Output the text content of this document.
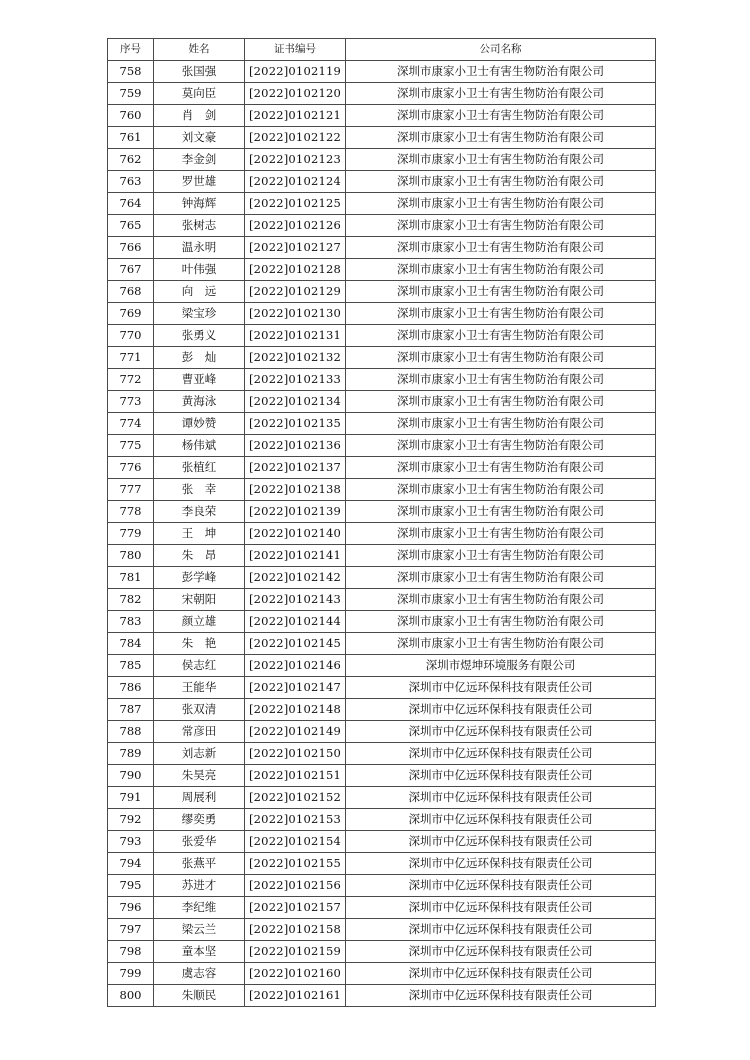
序号	姓名	证书编号	公司名称
758	张国强	[2022]0102119	深圳市康家小卫士有害生物防治有限公司
759	莫向臣	[2022]0102120	深圳市康家小卫士有害生物防治有限公司
760	肖　剑	[2022]0102121	深圳市康家小卫士有害生物防治有限公司
761	刘文豪	[2022]0102122	深圳市康家小卫士有害生物防治有限公司
762	李金剑	[2022]0102123	深圳市康家小卫士有害生物防治有限公司
763	罗世雄	[2022]0102124	深圳市康家小卫士有害生物防治有限公司
764	钟海辉	[2022]0102125	深圳市康家小卫士有害生物防治有限公司
765	张树志	[2022]0102126	深圳市康家小卫士有害生物防治有限公司
766	温永明	[2022]0102127	深圳市康家小卫士有害生物防治有限公司
767	叶伟强	[2022]0102128	深圳市康家小卫士有害生物防治有限公司
768	向　远	[2022]0102129	深圳市康家小卫士有害生物防治有限公司
769	梁宝珍	[2022]0102130	深圳市康家小卫士有害生物防治有限公司
770	张勇义	[2022]0102131	深圳市康家小卫士有害生物防治有限公司
771	彭　灿	[2022]0102132	深圳市康家小卫士有害生物防治有限公司
772	曹亚峰	[2022]0102133	深圳市康家小卫士有害生物防治有限公司
773	黄海泳	[2022]0102134	深圳市康家小卫士有害生物防治有限公司
774	谭妙赞	[2022]0102135	深圳市康家小卫士有害生物防治有限公司
775	杨伟斌	[2022]0102136	深圳市康家小卫士有害生物防治有限公司
776	张植红	[2022]0102137	深圳市康家小卫士有害生物防治有限公司
777	张　幸	[2022]0102138	深圳市康家小卫士有害生物防治有限公司
778	李良荣	[2022]0102139	深圳市康家小卫士有害生物防治有限公司
779	王　坤	[2022]0102140	深圳市康家小卫士有害生物防治有限公司
780	朱　昂	[2022]0102141	深圳市康家小卫士有害生物防治有限公司
781	彭学峰	[2022]0102142	深圳市康家小卫士有害生物防治有限公司
782	宋朝阳	[2022]0102143	深圳市康家小卫士有害生物防治有限公司
783	颜立雄	[2022]0102144	深圳市康家小卫士有害生物防治有限公司
784	朱　艳	[2022]0102145	深圳市康家小卫士有害生物防治有限公司
785	侯志红	[2022]0102146	深圳市煜坤环境服务有限公司
786	王能华	[2022]0102147	深圳市中亿远环保科技有限责任公司
787	张双清	[2022]0102148	深圳市中亿远环保科技有限责任公司
788	常彦田	[2022]0102149	深圳市中亿远环保科技有限责任公司
789	刘志新	[2022]0102150	深圳市中亿远环保科技有限责任公司
790	朱昊亮	[2022]0102151	深圳市中亿远环保科技有限责任公司
791	周展利	[2022]0102152	深圳市中亿远环保科技有限责任公司
792	缪奕勇	[2022]0102153	深圳市中亿远环保科技有限责任公司
793	张爱华	[2022]0102154	深圳市中亿远环保科技有限责任公司
794	张燕平	[2022]0102155	深圳市中亿远环保科技有限责任公司
795	苏进才	[2022]0102156	深圳市中亿远环保科技有限责任公司
796	李纪维	[2022]0102157	深圳市中亿远环保科技有限责任公司
797	梁云兰	[2022]0102158	深圳市中亿远环保科技有限责任公司
798	童本坚	[2022]0102159	深圳市中亿远环保科技有限责任公司
799	虞志容	[2022]0102160	深圳市中亿远环保科技有限责任公司
800	朱顺民	[2022]0102161	深圳市中亿远环保科技有限责任公司
